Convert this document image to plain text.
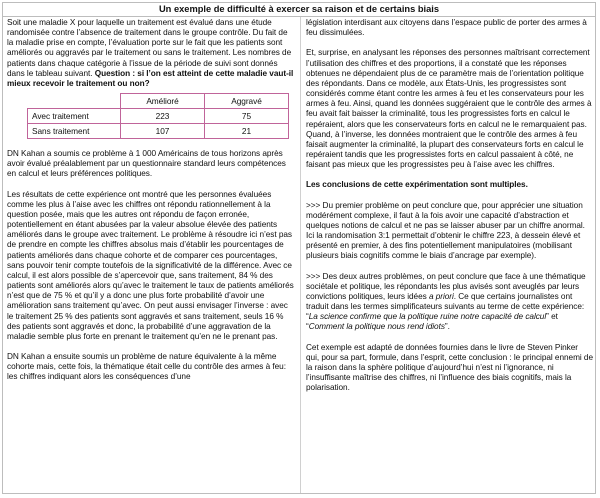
Un exemple de difficulté à exercer sa raison et de certains biais

Soit une maladie X pour laquelle un traitement est évalué dans une étude randomisée contre l’absence de traitement dans le groupe contrôle. Du fait de la maladie prise en compte, l’évaluation porte sur le fait que les patients sont améliorés ou aggravés par le traitement ou sans le traitement. Les nombres de patients dans chaque catégorie à l’issue de la période de suivi sont donnés dans le tableau suivant. Question : si l’on est atteint de cette maladie vaut-il mieux recevoir le traitement ou non?

	Amélioré	Aggravé
Avec traitement	223	75
Sans traitement	107	21

DN Kahan a soumis ce problème à 1 000 Américains de tous horizons après avoir évalué préalablement par un questionnaire standard leurs compétences en calcul et leurs préférences politiques.

Les résultats de cette expérience ont montré que les personnes évaluées comme les plus à l’aise avec les chiffres ont répondu rationnellement à la question posée, mais que les autres ont répondu de façon erronée, potentiellement en étant abusées par la valeur absolue élevée des patients améliorés dans le groupe avec traitement. Le problème à résoudre ici n’est pas de prendre en compte les chiffres absolus mais d’établir les pourcentages de patients améliorés dans chaque cohorte et de comparer ces pourcentages, sans pouvoir tenir compte toutefois de la significativité de la différence. Avec ce calcul, il est alors possible de s’apercevoir que, sans traitement, 84 % des patients sont améliorés alors qu’avec le traitement le taux de patients améliorés n’est que de 75 % et qu’il y a donc une plus forte probabilité d’avoir une amélioration sans traitement qu’avec. On peut aussi envisager l’inverse : avec le traitement 25 % des patients sont aggravés et sans traitement, seuls 16 % des patients sont aggravés et donc, la probabilité d’une aggravation de la maladie semble plus forte en prenant le traitement qu’en ne le prenant pas.

DN Kahan a ensuite soumis un problème de nature équivalente à la même cohorte mais, cette fois, la thématique était celle du contrôle des armes à feu: les chiffres indiquant alors les conséquences d’une

législation interdisant aux citoyens dans l’espace public de porter des armes à feu dissimulées.

Et, surprise, en analysant les réponses des personnes maîtrisant correctement l’utilisation des chiffres et des proportions, il a constaté que les réponses obtenues ne dépendaient plus de ce paramètre mais de l’orientation politique des répondants. Dans ce modèle, aux États-Unis, les progressistes sont considérés comme étant contre les armes à feu et les conservateurs pour les armes à feu. Ainsi, quand les données suggéraient que le contrôle des armes à feu avait fait baisser la criminalité, tous les progressistes forts en calcul le repéraient, alors que les conservateurs forts en calcul ne le remarquaient pas. Quand, à l’inverse, les données montraient que le contrôle des armes à feu faisait augmenter la criminalité, la plupart des conservateurs forts en calcul le repéraient tandis que les progressistes forts en calcul passaient à côté, ne faisant pas mieux que les progressistes peu à l’aise avec les chiffres.

Les conclusions de cette expérimentation sont multiples.

>>> Du premier problème on peut conclure que, pour apprécier une situation modérément complexe, il faut à la fois avoir une capacité d’abstraction et quelques notions de calcul et ne pas se laisser abuser par un chiffre anormal. Ici la randomisation 3:1 permettait d’obtenir le chiffre 223, à dessein élevé et présenté en premier, à des fins potentiellement manipulatoires (mobilisant plusieurs biais cognitifs comme le biais d’ancrage par exemple).

>>> Des deux autres problèmes, on peut conclure que face à une thématique sociétale et politique, les répondants les plus avisés sont aveuglés par leurs convictions politiques, leurs idées a priori. Ce que certains journalistes ont traduit dans les termes simplificateurs suivants au terme de cette expérience: “La science confirme que la politique ruine notre capacité de calcul” et “Comment la politique nous rend idiots”.

Cet exemple est adapté de données fournies dans le livre de Steven Pinker qui, pour sa part, formule, dans l’esprit, cette conclusion : le principal ennemi de la raison dans la sphère politique d’aujourd’hui n’est ni l’ignorance, ni l’insuffisante maîtrise des chiffres, ni l’influence des biais cognitifs, mais la polarisation.
